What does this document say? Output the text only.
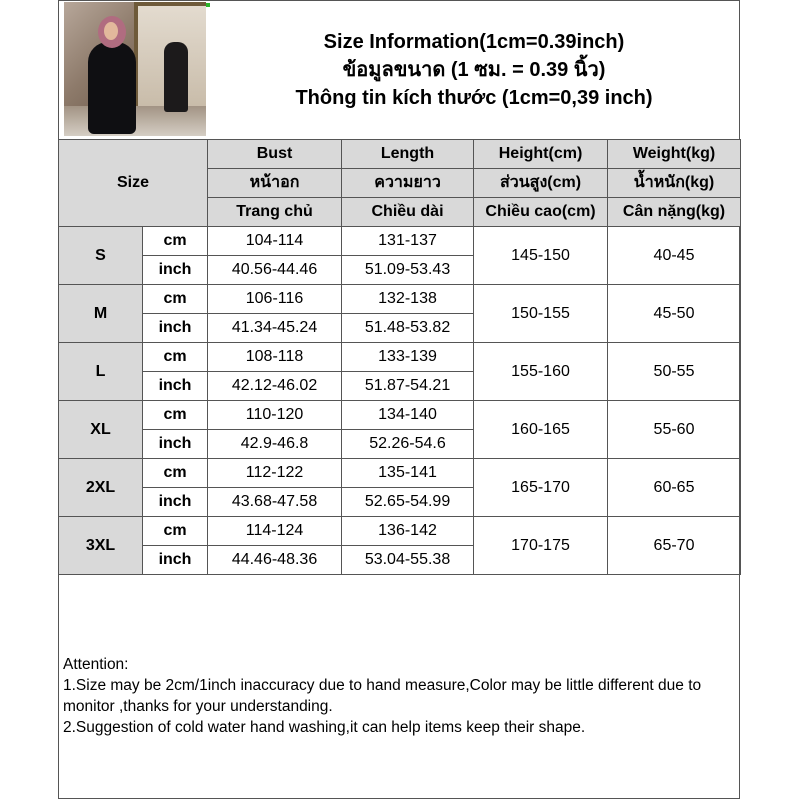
Size Information(1cm=0.39inch)
ข้อมูลขนาด (1 ซม. = 0.39 นิ้ว)
Thông tin kích thước (1cm=0,39 inch)
Size		Bust	Length	Height(cm)	Weight(kg)
		หน้าอก	ความยาว	ส่วนสูง(cm)	น้ำหนัก(kg)
		Trang chủ	Chiều dài	Chiều cao(cm)	Cân nặng(kg)
S	cm	104-114	131-137	145-150	40-45
	inch	40.56-44.46	51.09-53.43		
M	cm	106-116	132-138	150-155	45-50
	inch	41.34-45.24	51.48-53.82		
L	cm	108-118	133-139	155-160	50-55
	inch	42.12-46.02	51.87-54.21		
XL	cm	110-120	134-140	160-165	55-60
	inch	42.9-46.8	52.26-54.6		
2XL	cm	112-122	135-141	165-170	60-65
	inch	43.68-47.58	52.65-54.99		
3XL	cm	114-124	136-142	170-175	65-70
	inch	44.46-48.36	53.04-55.38		

Attention:

1.Size may be 2cm/1inch inaccuracy due to hand measure,Color may be little different due to monitor ,thanks for your understanding.

2.Suggestion of cold water hand washing,it can help items keep their shape.
